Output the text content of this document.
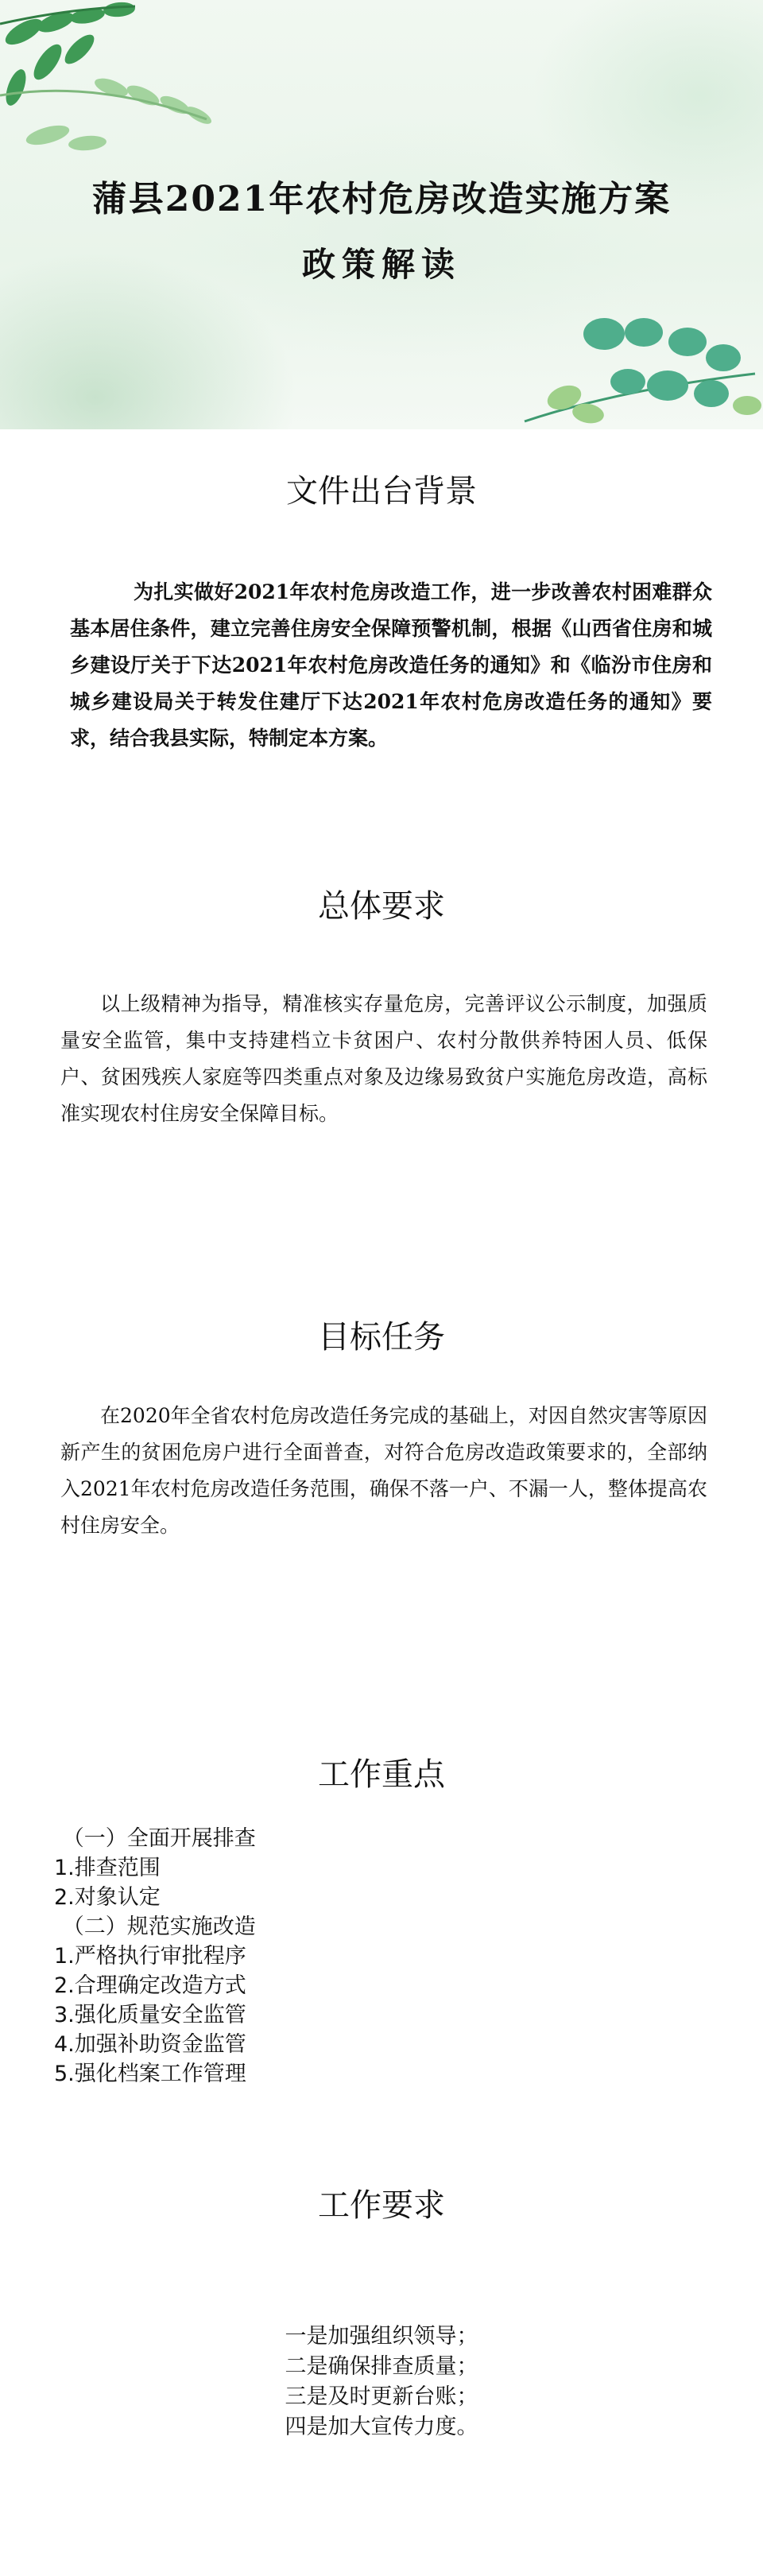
蒲县2021年农村危房改造实施方案
政策解读
文件出台背景

为扎实做好2021年农村危房改造工作，进一步改善农村困难群众基本居住条件，建立完善住房安全保障预警机制，根据《山西省住房和城乡建设厅关于下达2021年农村危房改造任务的通知》和《临汾市住房和城乡建设局关于转发住建厅下达2021年农村危房改造任务的通知》要求，结合我县实际，特制定本方案。

总体要求

以上级精神为指导，精准核实存量危房，完善评议公示制度，加强质量安全监管，集中支持建档立卡贫困户、农村分散供养特困人员、低保户、贫困残疾人家庭等四类重点对象及边缘易致贫户实施危房改造，高标准实现农村住房安全保障目标。

目标任务

在2020年全省农村危房改造任务完成的基础上，对因自然灾害等原因新产生的贫困危房户进行全面普查，对符合危房改造政策要求的，全部纳入2021年农村危房改造任务范围，确保不落一户、不漏一人，整体提高农村住房安全。

工作重点
（一）全面开展排查
1.排查范围
2.对象认定
（二）规范实施改造
1.严格执行审批程序
2.合理确定改造方式
3.强化质量安全监管
4.加强补助资金监管
5.强化档案工作管理
工作要求
一是加强组织领导；
二是确保排查质量；
三是及时更新台账；
四是加大宣传力度。
